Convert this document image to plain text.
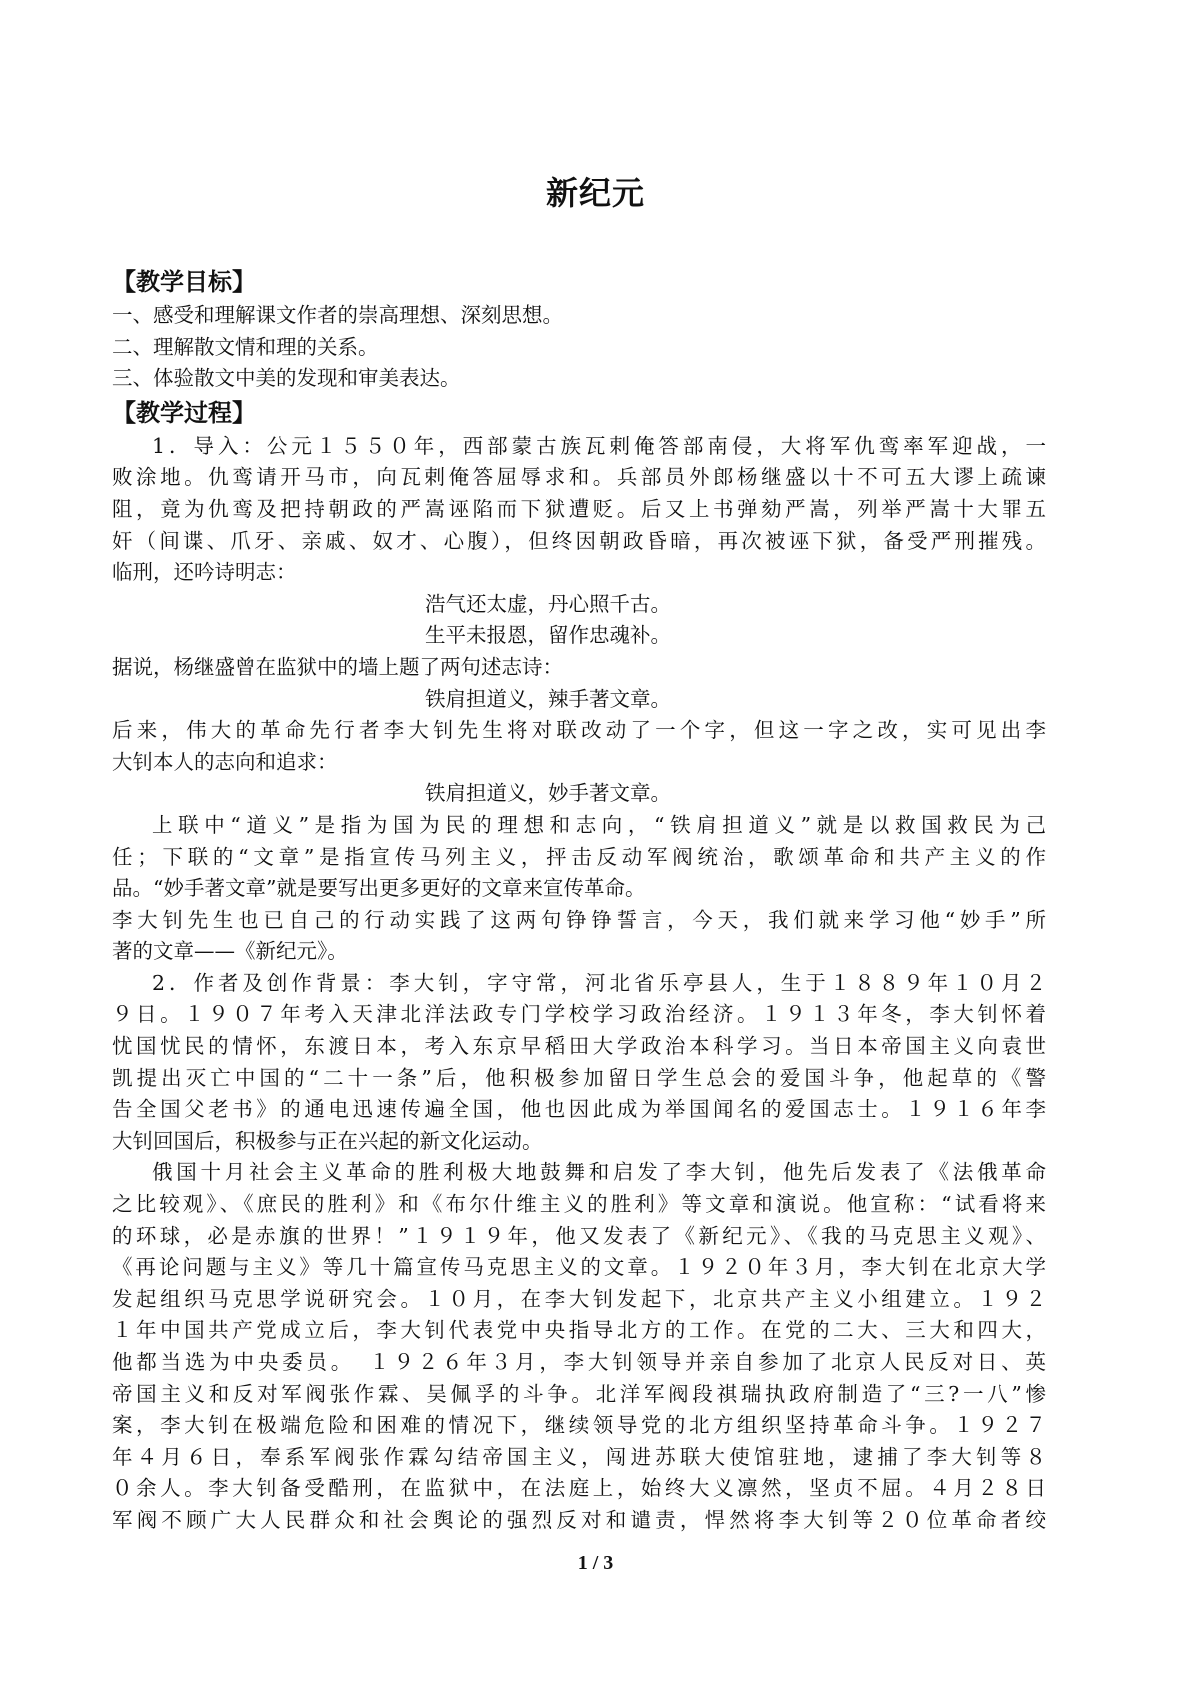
新纪元
【教学目标】
一、感受和理解课文作者的崇高理想、深刻思想。
二、理解散文情和理的关系。
三、体验散文中美的发现和审美表达。
【教学过程】
1．导入：公元１５５０年，西部蒙古族瓦剌俺答部南侵，大将军仇鸾率军迎战，一
败涂地。仇鸾请开马市，向瓦剌俺答屈辱求和。兵部员外郎杨继盛以十不可五大谬上疏谏
阻，竟为仇鸾及把持朝政的严嵩诬陷而下狱遭贬。后又上书弹劾严嵩，列举严嵩十大罪五
奸（间谍、爪牙、亲戚、奴才、心腹），但终因朝政昏暗，再次被诬下狱，备受严刑摧残。
临刑，还吟诗明志：
浩气还太虚，丹心照千古。
生平未报恩，留作忠魂补。
据说，杨继盛曾在监狱中的墙上题了两句述志诗：
铁肩担道义，辣手著文章。
后来，伟大的革命先行者李大钊先生将对联改动了一个字，但这一字之改，实可见出李
大钊本人的志向和追求：
铁肩担道义，妙手著文章。
上联中“道义”是指为国为民的理想和志向，“铁肩担道义”就是以救国救民为己
任；下联的“文章”是指宣传马列主义，抨击反动军阀统治，歌颂革命和共产主义的作
品。“妙手著文章”就是要写出更多更好的文章来宣传革命。
李大钊先生也已自己的行动实践了这两句铮铮誓言，今天，我们就来学习他“妙手”所
著的文章——《新纪元》。
2．作者及创作背景：李大钊，字守常，河北省乐亭县人，生于１８８９年１０月２
９日。１９０７年考入天津北洋法政专门学校学习政治经济。１９１３年冬，李大钊怀着
忧国忧民的情怀，东渡日本，考入东京早稻田大学政治本科学习。当日本帝国主义向袁世
凯提出灭亡中国的“二十一条”后，他积极参加留日学生总会的爱国斗争，他起草的《警
告全国父老书》的通电迅速传遍全国，他也因此成为举国闻名的爱国志士。１９１６年李
大钊回国后，积极参与正在兴起的新文化运动。
俄国十月社会主义革命的胜利极大地鼓舞和启发了李大钊，他先后发表了《法俄革命
之比较观》、《庶民的胜利》和《布尔什维主义的胜利》等文章和演说。他宣称：“试看将来
的环球，必是赤旗的世界！”１９１９年，他又发表了《新纪元》、《我的马克思主义观》、
《再论问题与主义》等几十篇宣传马克思主义的文章。１９２０年３月，李大钊在北京大学
发起组织马克思学说研究会。１０月，在李大钊发起下，北京共产主义小组建立。１９２
１年中国共产党成立后，李大钊代表党中央指导北方的工作。在党的二大、三大和四大，
他都当选为中央委员。　１９２６年３月，李大钊领导并亲自参加了北京人民反对日、英
帝国主义和反对军阀张作霖、吴佩孚的斗争。北洋军阀段祺瑞执政府制造了“三?一八”惨
案，李大钊在极端危险和困难的情况下，继续领导党的北方组织坚持革命斗争。１９２７
年４月６日，奉系军阀张作霖勾结帝国主义，闯进苏联大使馆驻地，逮捕了李大钊等８
０余人。李大钊备受酷刑，在监狱中，在法庭上，始终大义凛然，坚贞不屈。４月２８日
军阀不顾广大人民群众和社会舆论的强烈反对和谴责，悍然将李大钊等２０位革命者绞
1 / 3
